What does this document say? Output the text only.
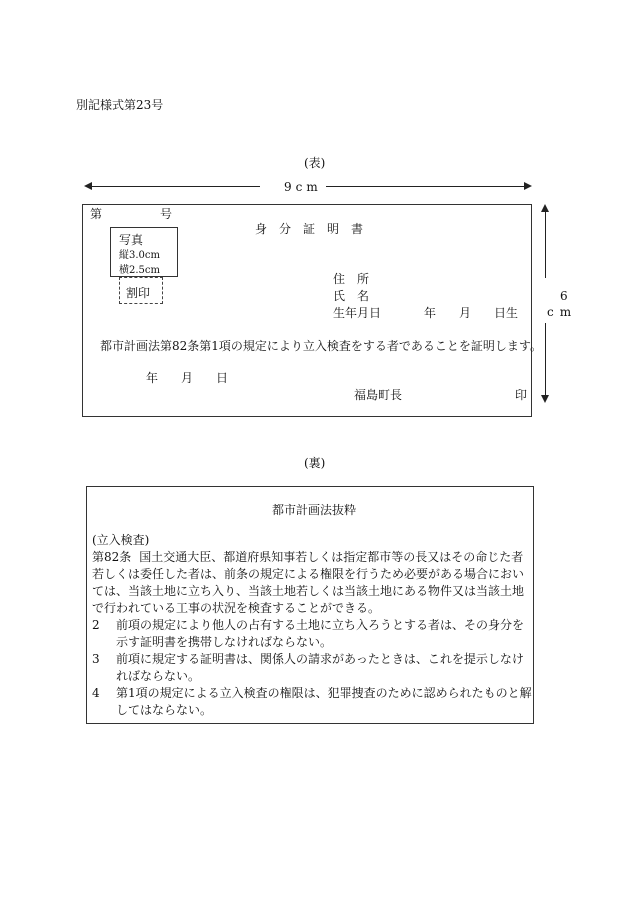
別記様式第23号
(表)
9cm
6
cm
第	号
身分証明書
写真
縦3.0cm
横2.5cm
割印
住　所
氏　名
生年月日	年 月 日生
都市計画法第82条第1項の規定により立入検査をする者であることを証明します。
年 月 日
福島町長	印
(裏)
都市計画法抜粋
(立入検査)
第82条 国土交通大臣、都道府県知事若しくは指定都市等の長又はその命じた者若しくは委任した者は、前条の規定による権限を行うため必要がある場合においては、当該土地に立ち入り、当該土地若しくは当該土地にある物件又は当該土地で行われている工事の状況を検査することができる。
2 前項の規定により他人の占有する土地に立ち入ろうとする者は、その身分を示す証明書を携帯しなければならない。
3 前項に規定する証明書は、関係人の請求があったときは、これを提示しなければならない。
4 第1項の規定による立入検査の権限は、犯罪捜査のために認められたものと解してはならない。
